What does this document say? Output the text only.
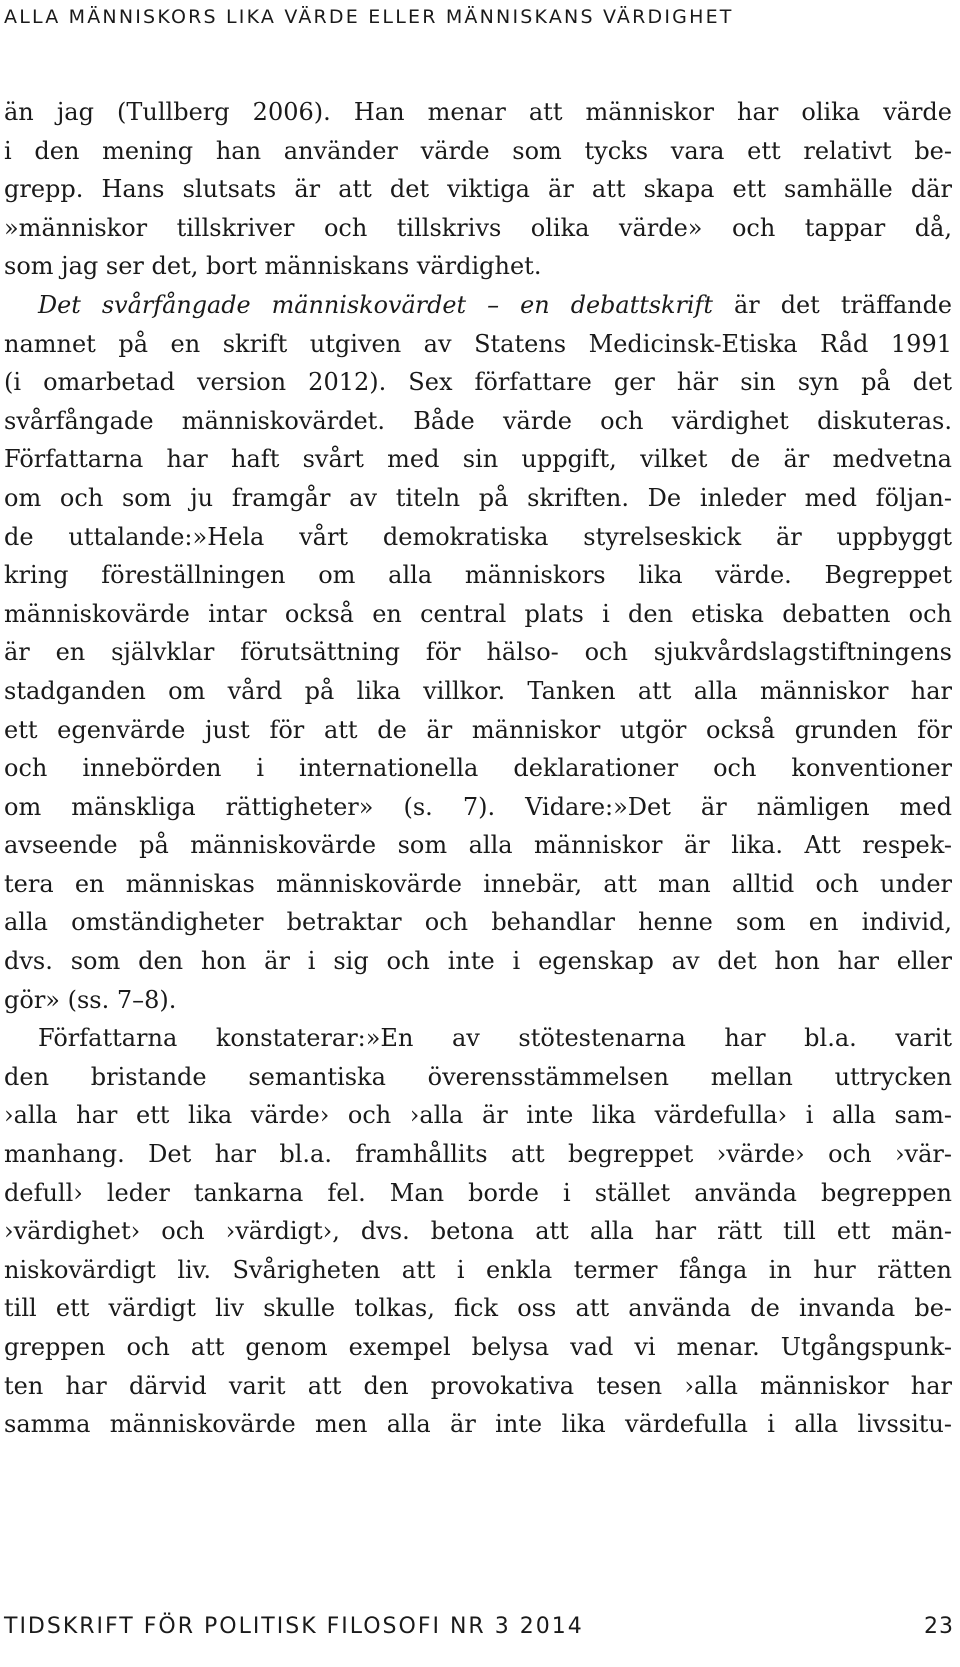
ALLA MÄNNISKORS LIKA VÄRDE ELLER MÄNNISKANS VÄRDIGHET
än jag (Tullberg 2006). Han menar att människor har olika värde
i den mening han använder värde som tycks vara ett relativt be-
grepp. Hans slutsats är att det viktiga är att skapa ett samhälle där
»människor tillskriver och tillskrivs olika värde» och tappar då,
som jag ser det, bort människans värdighet.
Det svårfångade människovärdet – en debattskrift är det träffande
namnet på en skrift utgiven av Statens Medicinsk-Etiska Råd 1991
(i omarbetad version 2012). Sex författare ger här sin syn på det
svårfångade människovärdet. Både värde och värdighet diskuteras.
Författarna har haft svårt med sin uppgift, vilket de är medvetna
om och som ju framgår av titeln på skriften. De inleder med följan-
de uttalande:»Hela vårt demokratiska styrelseskick är uppbyggt
kring föreställningen om alla människors lika värde. Begreppet
människovärde intar också en central plats i den etiska debatten och
är en självklar förutsättning för hälso- och sjukvårdslagstiftningens
stadganden om vård på lika villkor. Tanken att alla människor har
ett egenvärde just för att de är människor utgör också grunden för
och innebörden i internationella deklarationer och konventioner
om mänskliga rättigheter» (s. 7). Vidare:»Det är nämligen med
avseende på människovärde som alla människor är lika. Att respek-
tera en människas människovärde innebär, att man alltid och under
alla omständigheter betraktar och behandlar henne som en individ,
dvs. som den hon är i sig och inte i egenskap av det hon har eller
gör» (ss. 7–8).
Författarna konstaterar:»En av stötestenarna har bl.a. varit
den bristande semantiska överensstämmelsen mellan uttrycken
›alla har ett lika värde› och ›alla är inte lika värdefulla› i alla sam-
manhang. Det har bl.a. framhållits att begreppet ›värde› och ›vär-
defull› leder tankarna fel. Man borde i stället använda begreppen
›värdighet› och ›värdigt›, dvs. betona att alla har rätt till ett män-
niskovärdigt liv. Svårigheten att i enkla termer fånga in hur rätten
till ett värdigt liv skulle tolkas, fick oss att använda de invanda be-
greppen och att genom exempel belysa vad vi menar. Utgångspunk-
ten har därvid varit att den provokativa tesen ›alla människor har
samma människovärde men alla är inte lika värdefulla i alla livssitu-
TIDSKRIFT FÖR POLITISK FILOSOFI NR 3 2014	23
